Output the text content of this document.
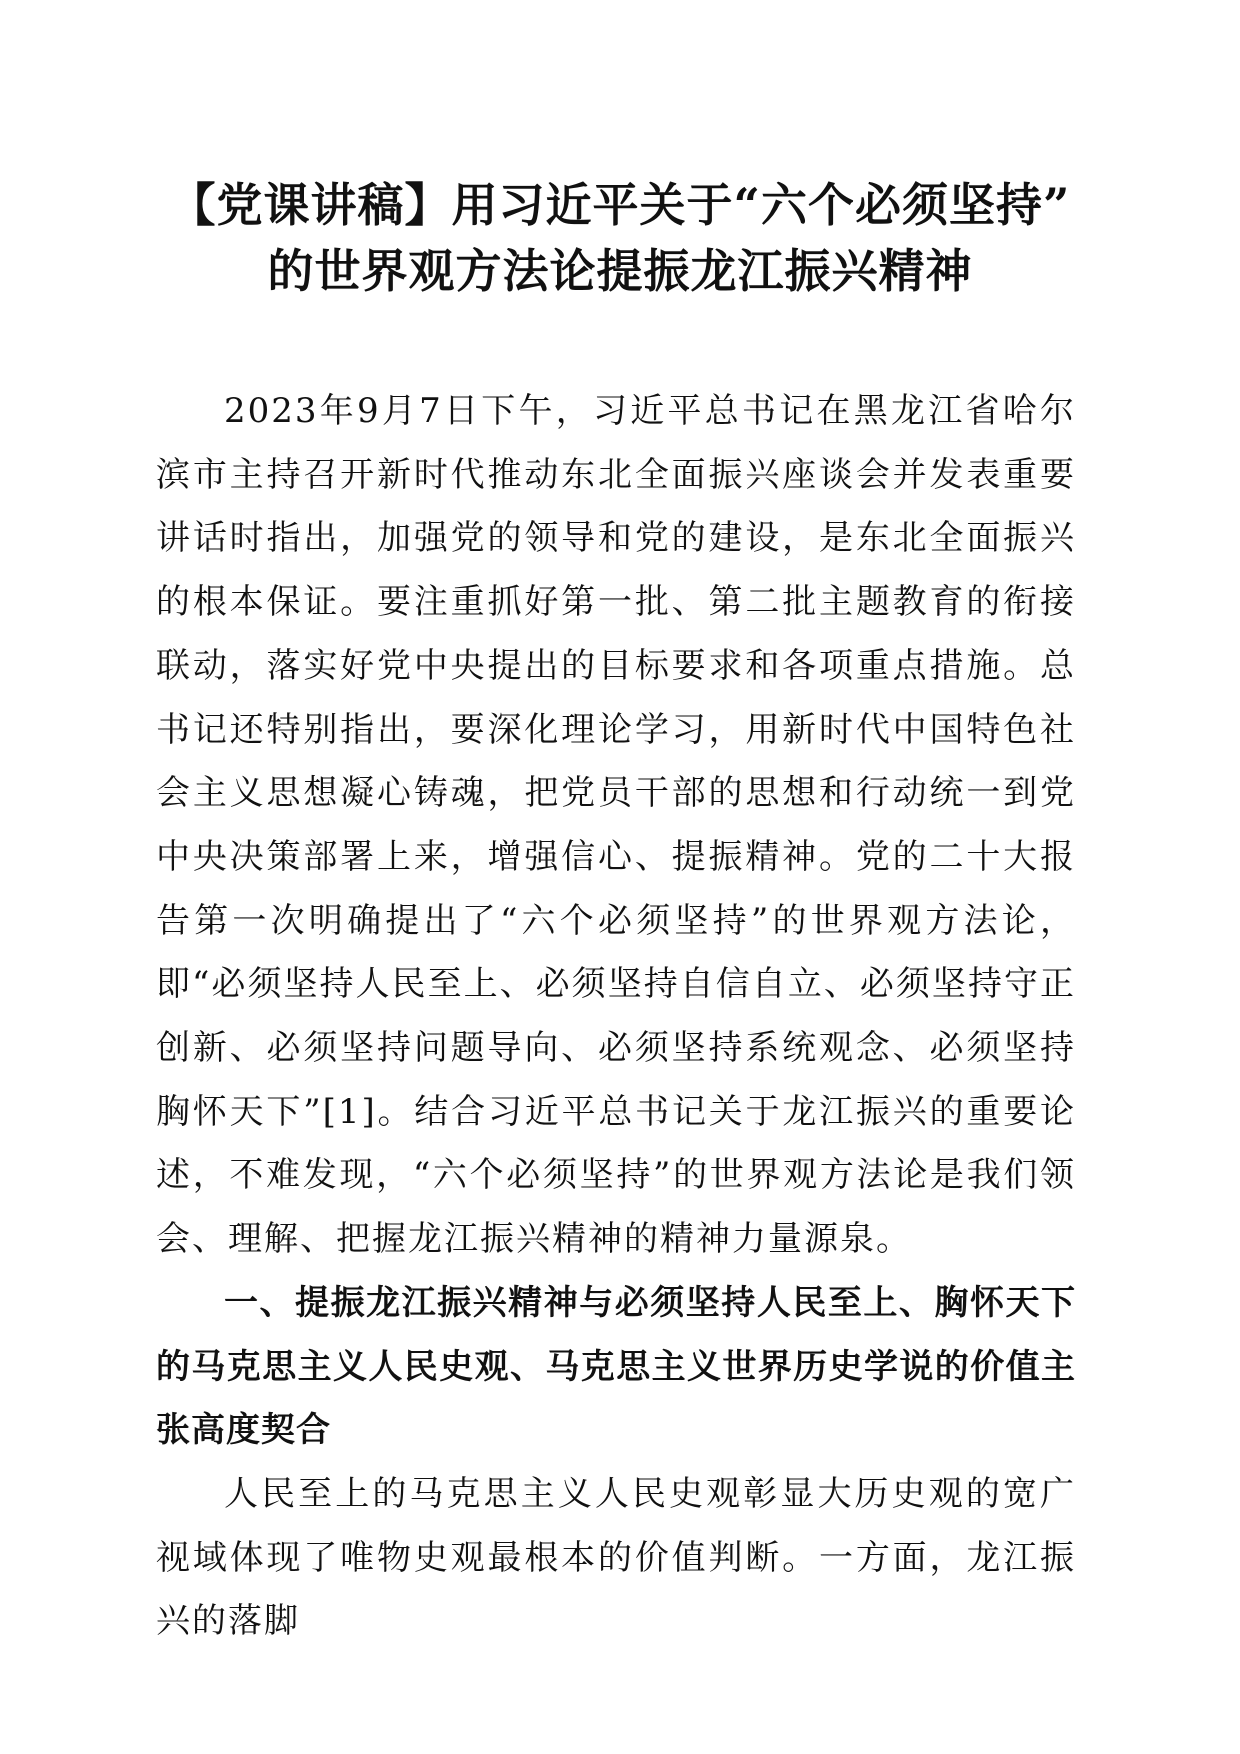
【党课讲稿】用习近平关于“六个必须坚持”
的世界观方法论提振龙江振兴精神

2023年9月7日下午，习近平总书记在黑龙江省哈尔滨市主持召开新时代推动东北全面振兴座谈会并发表重要讲话时指出，加强党的领导和党的建设，是东北全面振兴的根本保证。要注重抓好第一批、第二批主题教育的衔接联动，落实好党中央提出的目标要求和各项重点措施。总书记还特别指出，要深化理论学习，用新时代中国特色社会主义思想凝心铸魂，把党员干部的思想和行动统一到党中央决策部署上来，增强信心、提振精神。党的二十大报告第一次明确提出了“六个必须坚持”的世界观方法论，即“必须坚持人民至上、必须坚持自信自立、必须坚持守正创新、必须坚持问题导向、必须坚持系统观念、必须坚持胸怀天下”[1]。结合习近平总书记关于龙江振兴的重要论述，不难发现，“六个必须坚持”的世界观方法论是我们领会、理解、把握龙江振兴精神的精神力量源泉。

一、提振龙江振兴精神与必须坚持人民至上、胸怀天下的马克思主义人民史观、马克思主义世界历史学说的价值主张高度契合

人民至上的马克思主义人民史观彰显大历史观的宽广视域体现了唯物史观最根本的价值判断。一方面，龙江振兴的落脚
